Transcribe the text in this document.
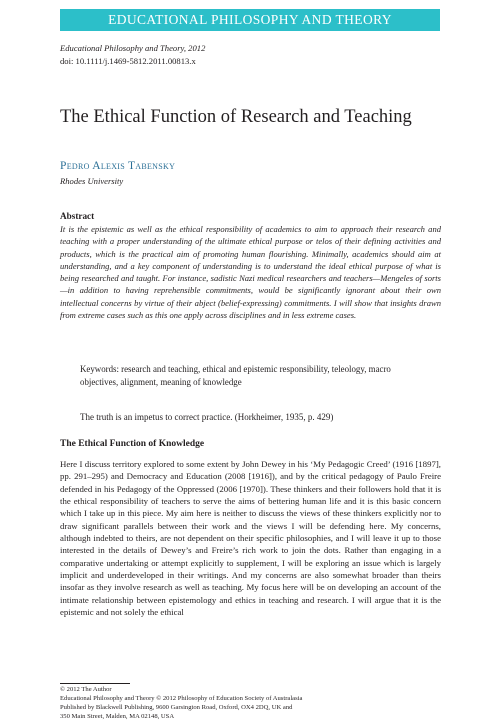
EDUCATIONAL PHILOSOPHY AND THEORY
Educational Philosophy and Theory, 2012
doi: 10.1111/j.1469-5812.2011.00813.x
The Ethical Function of Research and Teaching
Pedro Alexis Tabensky
Rhodes University
Abstract

It is the epistemic as well as the ethical responsibility of academics to aim to approach their research and teaching with a proper understanding of the ultimate ethical purpose or telos of their defining activities and products, which is the practical aim of promoting human flourishing. Minimally, academics should aim at understanding, and a key component of understanding is to understand the ideal ethical purpose of what is being researched and taught. For instance, sadistic Nazi medical researchers and teachers—Mengeles of sorts—in addition to having reprehensible commitments, would be significantly ignorant about their own intellectual concerns by virtue of their abject (belief-expressing) commitments. I will show that insights drawn from extreme cases such as this one apply across disciplines and in less extreme cases.

Keywords: research and teaching, ethical and epistemic responsibility, teleology, macro objectives, alignment, meaning of knowledge

The truth is an impetus to correct practice. (Horkheimer, 1935, p. 429)
The Ethical Function of Knowledge

Here I discuss territory explored to some extent by John Dewey in his ‘My Pedagogic Creed’ (1916 [1897], pp. 291–295) and Democracy and Education (2008 [1916]), and by the critical pedagogy of Paulo Freire defended in his Pedagogy of the Oppressed (2006 [1970]). These thinkers and their followers hold that it is the ethical responsibility of teachers to serve the aims of bettering human life and it is this basic concern which I take up in this piece. My aim here is neither to discuss the views of these thinkers explicitly nor to draw significant parallels between their work and the views I will be defending here. My concerns, although indebted to theirs, are not dependent on their specific philosophies, and I will leave it up to those interested in the details of Dewey’s and Freire’s rich work to join the dots. Rather than engaging in a comparative undertaking or attempt explicitly to supplement, I will be exploring an issue which is largely implicit and underdeveloped in their writings. And my concerns are also somewhat broader than theirs insofar as they involve research as well as teaching. My focus here will be on developing an account of the intimate relationship between epistemology and ethics in teaching and research. I will argue that it is the epistemic and not solely the ethical

© 2012 The Author
Educational Philosophy and Theory © 2012 Philosophy of Education Society of Australasia
Published by Blackwell Publishing, 9600 Garsington Road, Oxford, OX4 2DQ, UK and
350 Main Street, Malden, MA 02148, USA
